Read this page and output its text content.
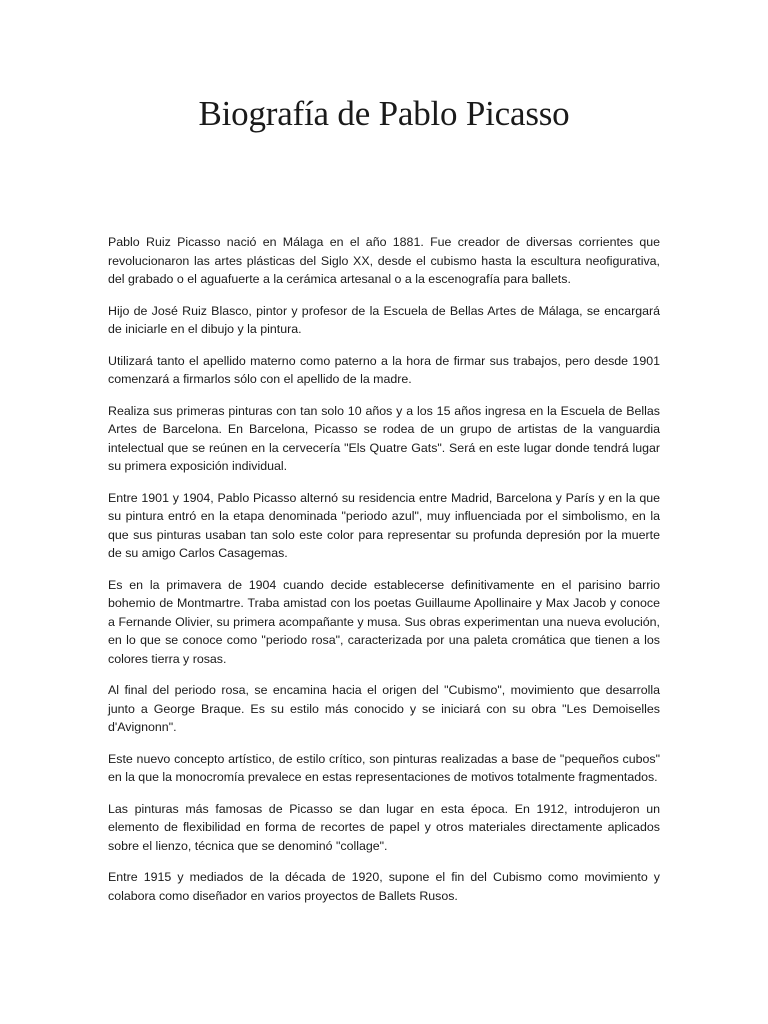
Biografía de Pablo Picasso

Pablo Ruiz Picasso nació en Málaga en el año 1881. Fue creador de diversas corrientes que revolucionaron las artes plásticas del Siglo XX, desde el cubismo hasta la escultura neofigurativa, del grabado o el aguafuerte a la cerámica artesanal o a la escenografía para ballets.

Hijo de José Ruiz Blasco, pintor y profesor de la Escuela de Bellas Artes de Málaga, se encargará de iniciarle en el dibujo y la pintura.

Utilizará tanto el apellido materno como paterno a la hora de firmar sus trabajos, pero desde 1901 comenzará a firmarlos sólo con el apellido de la madre.

Realiza sus primeras pinturas con tan solo 10 años y a los 15 años ingresa en la Escuela de Bellas Artes de Barcelona. En Barcelona, Picasso se rodea de un grupo de artistas de la vanguardia intelectual que se reúnen en la cervecería "Els Quatre Gats". Será en este lugar donde tendrá lugar su primera exposición individual.

Entre 1901 y 1904, Pablo Picasso alternó su residencia entre Madrid, Barcelona y París y en la que su pintura entró en la etapa denominada "periodo azul", muy influenciada por el simbolismo, en la que sus pinturas usaban tan solo este color para representar su profunda depresión por la muerte de su amigo Carlos Casagemas.

Es en la primavera de 1904 cuando decide establecerse definitivamente en el parisino barrio bohemio de Montmartre. Traba amistad con los poetas Guillaume Apollinaire y Max Jacob y conoce a Fernande Olivier, su primera acompañante y musa. Sus obras experimentan una nueva evolución, en lo que se conoce como "periodo rosa", caracterizada por una paleta cromática que tienen a los colores tierra y rosas.

Al final del periodo rosa, se encamina hacia el origen del "Cubismo", movimiento que desarrolla junto a George Braque. Es su estilo más conocido y se iniciará con su obra "Les Demoiselles d'Avignonn".

Este nuevo concepto artístico, de estilo crítico, son pinturas realizadas a base de "pequeños cubos" en la que la monocromía prevalece en estas representaciones de motivos totalmente fragmentados.

Las pinturas más famosas de Picasso se dan lugar en esta época. En 1912, introdujeron un elemento de flexibilidad en forma de recortes de papel y otros materiales directamente aplicados sobre el lienzo, técnica que se denominó "collage".

Entre 1915 y mediados de la década de 1920, supone el fin del Cubismo como movimiento y colabora como diseñador en varios proyectos de Ballets Rusos.
